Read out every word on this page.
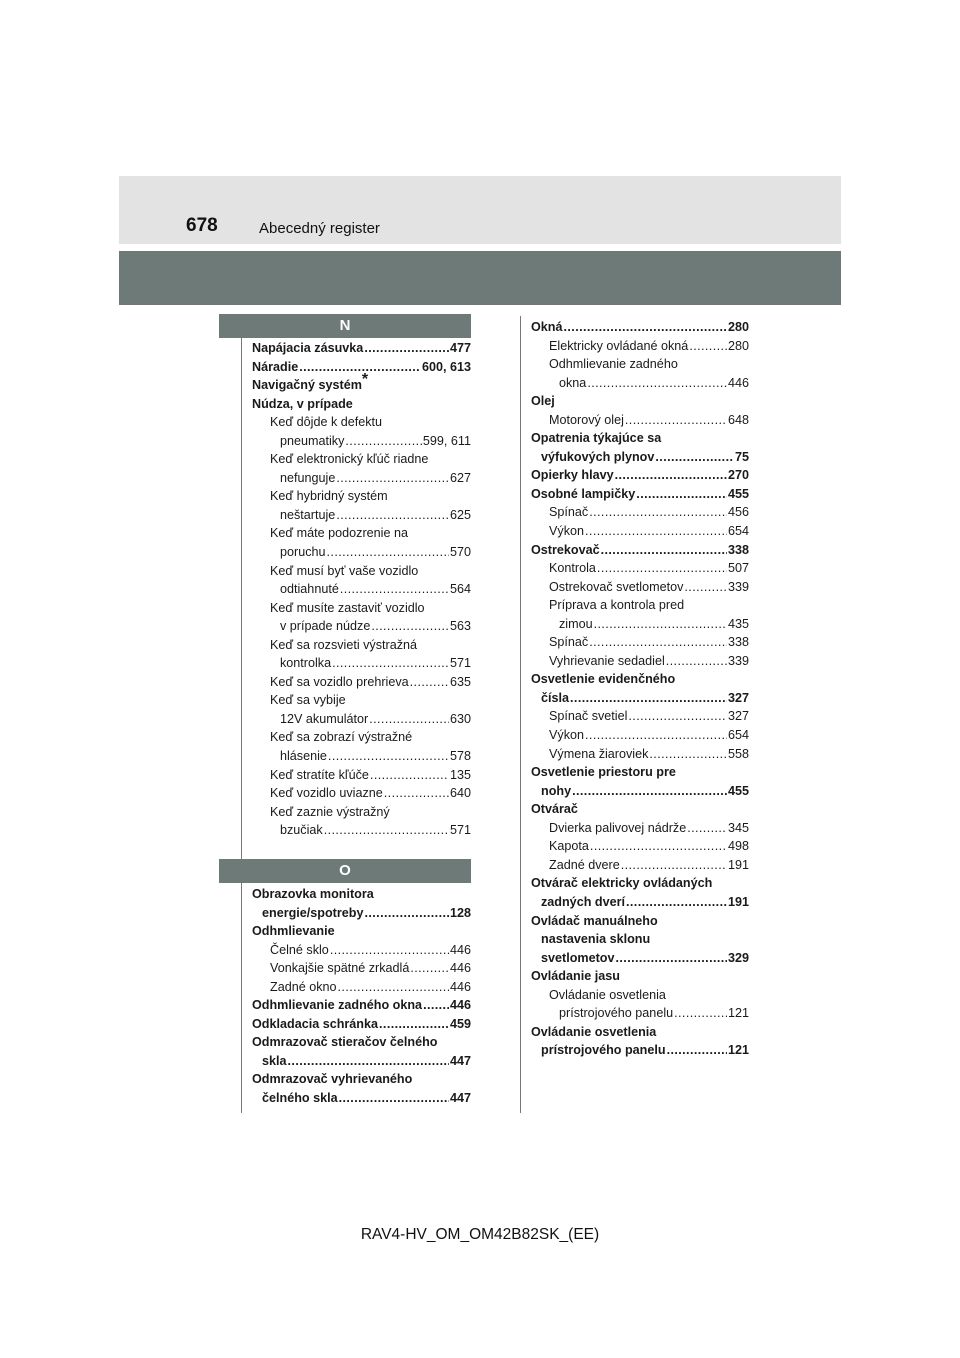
678	Abecedný register
N
O
Napájacia zásuvka .....	477
Náradie .....	600, 613
Navigačný systém*
Núdza, v prípade
Keď dôjde k defektu
pneumatiky .....	599, 611
Keď elektronický kľúč riadne
nefunguje .....	627
Keď hybridný systém
neštartuje .....	625
Keď máte podozrenie na
poruchu .....	570
Keď musí byť vaše vozidlo
odtiahnuté .....	564
Keď musíte zastaviť vozidlo
v prípade núdze .....	563
Keď sa rozsvieti výstražná
kontrolka .....	571
Keď sa vozidlo prehrieva .....	635
Keď sa vybije
12V akumulátor .....	630
Keď sa zobrazí výstražné
hlásenie .....	578
Keď stratíte kľúče .....	135
Keď vozidlo uviazne .....	640
Keď zaznie výstražný
bzučiak .....	571
Obrazovka monitora
energie/spotreby .....	128
Odhmlievanie
Čelné sklo .....	446
Vonkajšie spätné zrkadlá .....	446
Zadné okno .....	446
Odhmlievanie zadného okna ..... 446
Odkladacia schránka .....	459
Odmrazovač stieračov čelného
skla .....	447
Odmrazovač vyhrievaného
čelného skla .....	447
Okná .....	280
Elektricky ovládané okná .....	280
Odhmlievanie zadného
okna .....	446
Olej
Motorový olej .....	648
Opatrenia týkajúce sa
výfukových plynov .....	75
Opierky hlavy .....	270
Osobné lampičky .....	455
Spínač .....	456
Výkon .....	654
Ostrekovač .....	338
Kontrola .....	507
Ostrekovač svetlometov .....	339
Príprava a kontrola pred
zimou .....	435
Spínač .....	338
Vyhrievanie sedadiel .....	339
Osvetlenie evidenčného
čísla .....	327
Spínač svetiel .....	327
Výkon .....	654
Výmena žiaroviek .....	558
Osvetlenie priestoru pre
nohy .....	455
Otvárač
Dvierka palivovej nádrže .....	345
Kapota .....	498
Zadné dvere .....	191
Otvárač elektricky ovládaných
zadných dverí .....	191
Ovládač manuálneho
nastavenia sklonu
svetlometov .....	329
Ovládanie jasu
Ovládanie osvetlenia
prístrojového panelu .....	121
Ovládanie osvetlenia
prístrojového panelu .....	121
RAV4-HV_OM_OM42B82SK_(EE)
